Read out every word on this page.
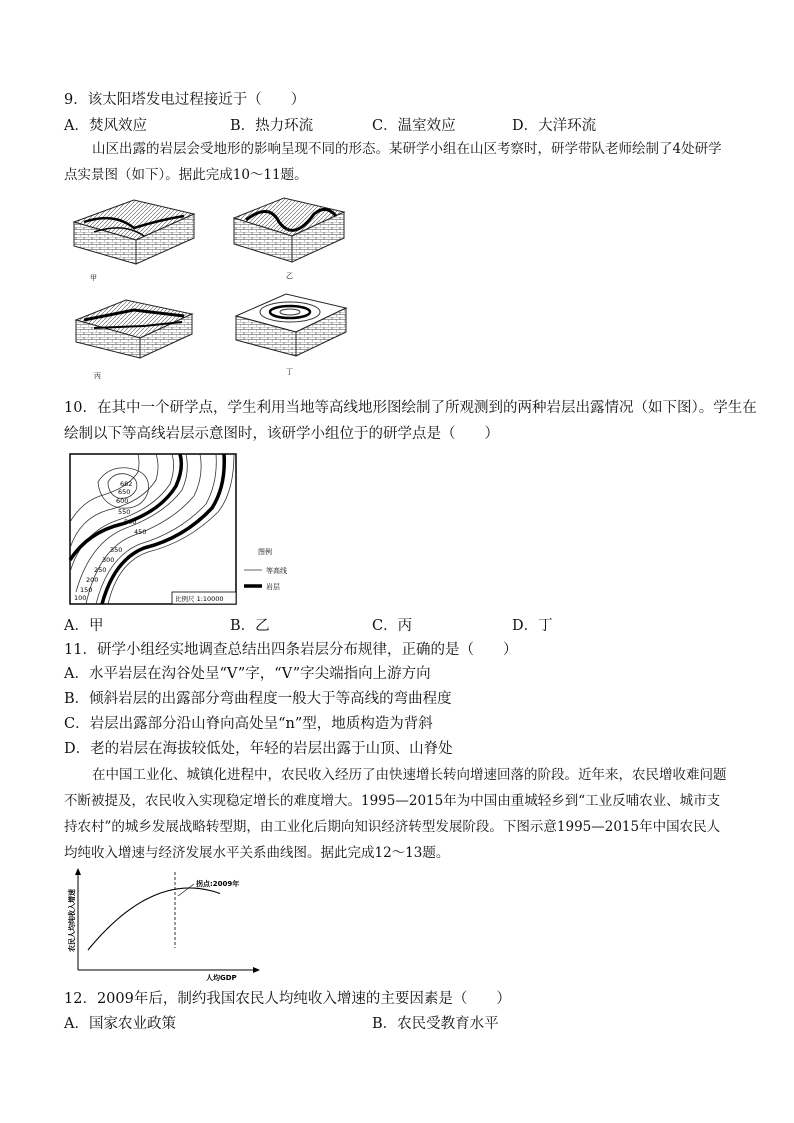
9．该太阳塔发电过程接近于（　　）
A．焚风效应	B．热力环流	C．温室效应	D．大洋环流
山区出露的岩层会受地形的影响呈现不同的形态。某研学小组在山区考察时，研学带队老师绘制了4处研学点实景图（如下）。据此完成10～11题。
甲	乙
丙	丁
10．在其中一个研学点，学生利用当地等高线地形图绘制了所观测到的两种岩层出露情况（如下图）。学生在
绘制以下等高线岩层示意图时，该研学小组位于的研学点是（　　）
682
650
600
550
500
450
350
300
250
200
150
100	比例尺 1:10000
图例
等高线
岩层
A．甲	B．乙	C．丙	D．丁
11．研学小组经实地调查总结出四条岩层分布规律，正确的是（　　）
A．水平岩层在沟谷处呈“V”字，“V”字尖端指向上游方向
B．倾斜岩层的出露部分弯曲程度一般大于等高线的弯曲程度
C．岩层出露部分沿山脊向高处呈“n”型，地质构造为背斜
D．老的岩层在海拔较低处，年轻的岩层出露于山顶、山脊处
在中国工业化、城镇化进程中，农民收入经历了由快速增长转向增速回落的阶段。近年来，农民增收难问题不断被提及，农民收入实现稳定增长的难度增大。1995—2015年为中国由重城轻乡到“工业反哺农业、城市支持农村”的城乡发展战略转型期，由工业化后期向知识经济转型发展阶段。下图示意1995—2015年中国农民人均纯收入增速与经济发展水平关系曲线图。据此完成12～13题。
拐点:2009年
农民人均纯收入增速
人均GDP
12．2009年后，制约我国农民人均纯收入增速的主要因素是（　　）
A．国家农业政策	B．农民受教育水平
